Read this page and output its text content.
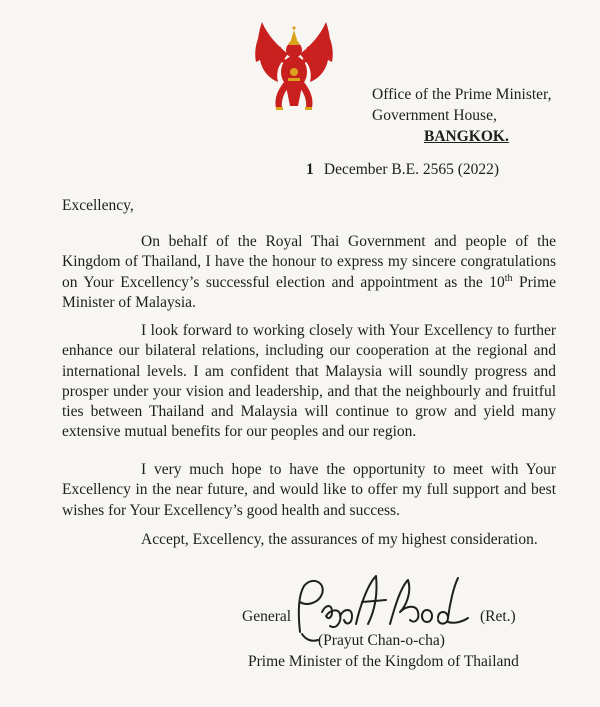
Office of the Prime Minister,
Government House,
BANGKOK.
1 December B.E. 2565 (2022)
Excellency,

On behalf of the Royal Thai Government and people of the Kingdom of Thailand, I have the honour to express my sincere congratulations on Your Excellency’s successful election and appointment as the 10th Prime Minister of Malaysia.

I look forward to working closely with Your Excellency to further enhance our bilateral relations, including our cooperation at the regional and international levels. I am confident that Malaysia will soundly progress and prosper under your vision and leadership, and that the neighbourly and fruitful ties between Thailand and Malaysia will continue to grow and yield many extensive mutual benefits for our peoples and our region.

I very much hope to have the opportunity to meet with Your Excellency in the near future, and would like to offer my full support and best wishes for Your Excellency’s good health and success.

Accept, Excellency, the assurances of my highest consideration.
General	(Ret.)
(Prayut Chan-o-cha)
Prime Minister of the Kingdom of Thailand
